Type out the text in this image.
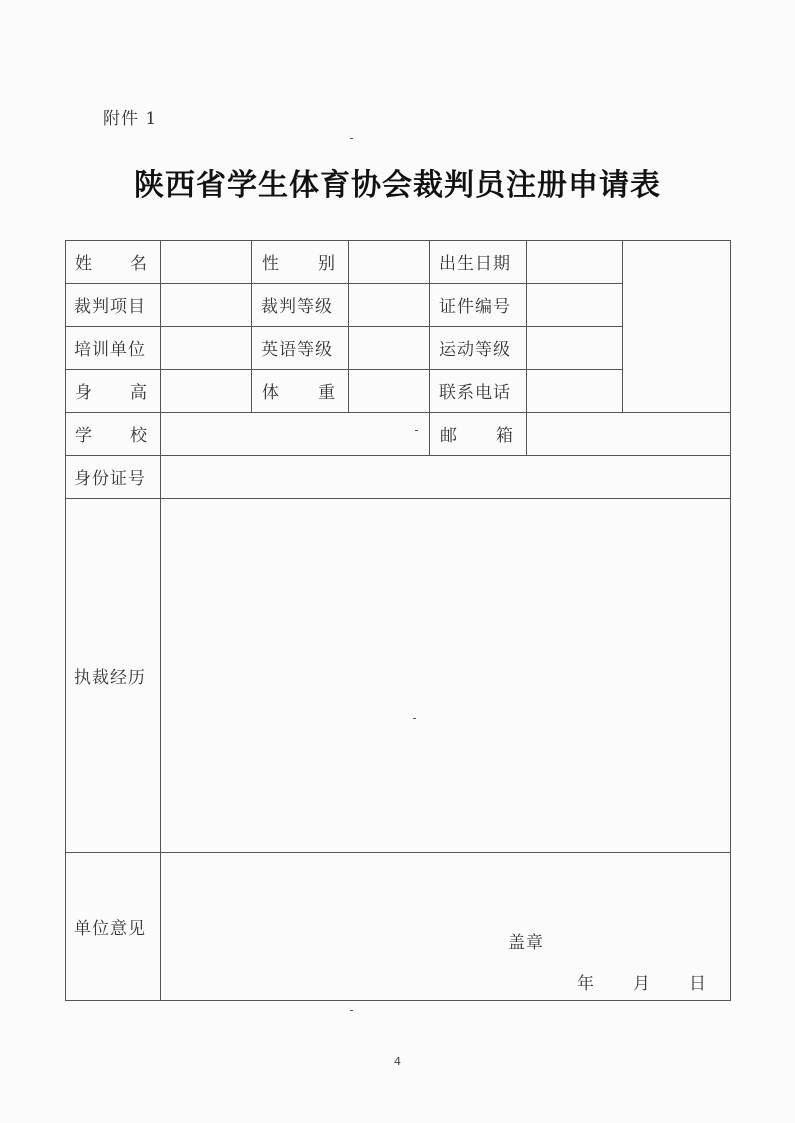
附件 1
陕西省学生体育协会裁判员注册申请表
姓 名	性 别	出生日期
裁判项目	裁判等级	证件编号
培训单位	英语等级	运动等级
身 高	体 重	联系电话
学 校	邮 箱
身份证号
执裁经历
单位意见
盖章
年 月 日
4
